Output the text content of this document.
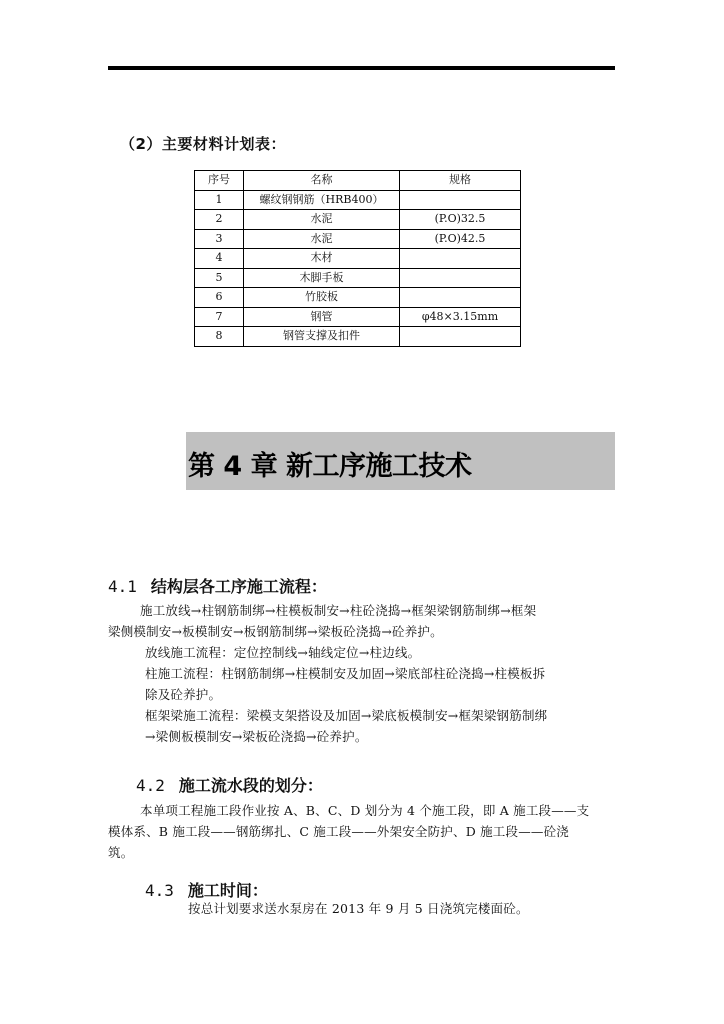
（2）主要材料计划表：
序号	名称	规格
1	螺纹钢钢筋（HRB400）	
2	水泥	(P.O)32.5
3	水泥	(P.O)42.5
4	木材	
5	木脚手板	
6	竹胶板	
7	钢管	φ48×3.15mm
8	钢管支撑及扣件	
第 4 章 新工序施工技术
4.1 结构层各工序施工流程：
施工放线→柱钢筋制绑→柱模板制安→柱砼浇捣→框架梁钢筋制绑→框架
梁侧模制安→板模制安→板钢筋制绑→梁板砼浇捣→砼养护。
放线施工流程：定位控制线→轴线定位→柱边线。
柱施工流程：柱钢筋制绑→柱模制安及加固→梁底部柱砼浇捣→柱模板拆
除及砼养护。
框架梁施工流程：梁模支架搭设及加固→梁底板模制安→框架梁钢筋制绑
→梁侧板模制安→梁板砼浇捣→砼养护。
4.2 施工流水段的划分：
本单项工程施工段作业按 A、B、C、D 划分为 4 个施工段，即 A 施工段——支
模体系、B 施工段——钢筋绑扎、C 施工段——外架安全防护、D 施工段——砼浇
筑。
4.3 施工时间：
按总计划要求送水泵房在 2013 年 9 月 5 日浇筑完楼面砼。
